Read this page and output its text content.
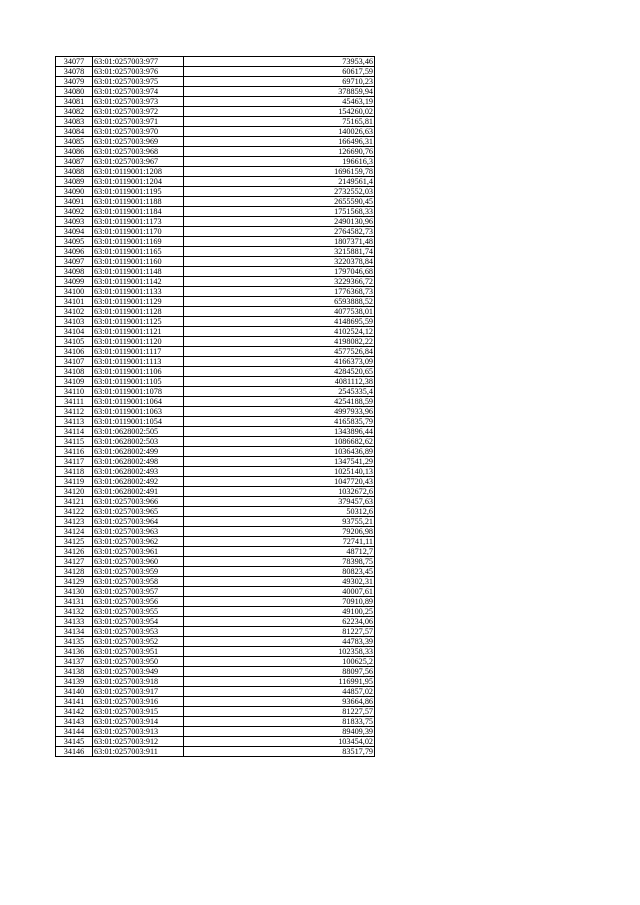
34077	63:01:0257003:977	73953,46
34078	63:01:0257003:976	60617,59
34079	63:01:0257003:975	69710,23
34080	63:01:0257003:974	378859,94
34081	63:01:0257003:973	45463,19
34082	63:01:0257003:972	154260,02
34083	63:01:0257003:971	75165,81
34084	63:01:0257003:970	140026,63
34085	63:01:0257003:969	166496,31
34086	63:01:0257003:968	126690,76
34087	63:01:0257003:967	196616,3
34088	63:01:0119001:1208	1696159,78
34089	63:01:0119001:1204	2149561,4
34090	63:01:0119001:1195	2732552,03
34091	63:01:0119001:1188	2655590,45
34092	63:01:0119001:1184	1751568,33
34093	63:01:0119001:1173	2490130,96
34094	63:01:0119001:1170	2764582,73
34095	63:01:0119001:1169	1807371,48
34096	63:01:0119001:1165	3215881,74
34097	63:01:0119001:1160	3220378,84
34098	63:01:0119001:1148	1797046,68
34099	63:01:0119001:1142	3229366,72
34100	63:01:0119001:1133	1776368,73
34101	63:01:0119001:1129	6593888,52
34102	63:01:0119001:1128	4077538,01
34103	63:01:0119001:1125	4148695,59
34104	63:01:0119001:1121	4102524,12
34105	63:01:0119001:1120	4198082,22
34106	63:01:0119001:1117	4577526,84
34107	63:01:0119001:1113	4166373,09
34108	63:01:0119001:1106	4284520,65
34109	63:01:0119001:1105	4081112,38
34110	63:01:0119001:1078	2545335,4
34111	63:01:0119001:1064	4254188,59
34112	63:01:0119001:1063	4997933,96
34113	63:01:0119001:1054	4165835,79
34114	63:01:0628002:505	1343896,44
34115	63:01:0628002:503	1086682,62
34116	63:01:0628002:499	1036436,89
34117	63:01:0628002:498	1347541,29
34118	63:01:0628002:493	1025140,13
34119	63:01:0628002:492	1047720,43
34120	63:01:0628002:491	1032672,6
34121	63:01:0257003:966	379457,63
34122	63:01:0257003:965	50312,6
34123	63:01:0257003:964	93755,21
34124	63:01:0257003:963	79206,98
34125	63:01:0257003:962	72741,11
34126	63:01:0257003:961	48712,7
34127	63:01:0257003:960	78398,75
34128	63:01:0257003:959	80823,45
34129	63:01:0257003:958	49302,31
34130	63:01:0257003:957	40007,61
34131	63:01:0257003:956	70910,89
34132	63:01:0257003:955	49100,25
34133	63:01:0257003:954	62234,06
34134	63:01:0257003:953	81227,57
34135	63:01:0257003:952	44783,39
34136	63:01:0257003:951	102358,33
34137	63:01:0257003:950	100625,2
34138	63:01:0257003:949	88097,56
34139	63:01:0257003:918	116991,95
34140	63:01:0257003:917	44857,02
34141	63:01:0257003:916	93664,86
34142	63:01:0257003:915	81227,57
34143	63:01:0257003:914	81833,75
34144	63:01:0257003:913	89409,39
34145	63:01:0257003:912	103454,02
34146	63:01:0257003:911	83517,79
